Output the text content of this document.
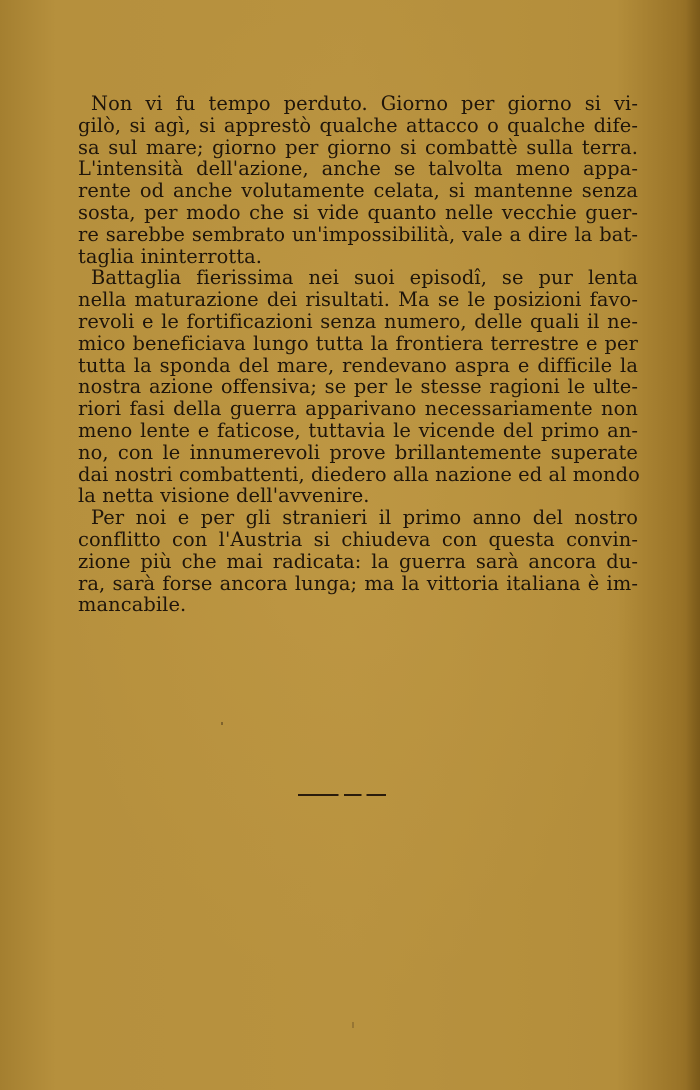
Non vi fu tempo perduto. Giorno per giorno si vi-
gilò, si agì, si apprestò qualche attacco o qualche dife-
sa sul mare; giorno per giorno si combattè sulla terra.
L'intensità dell'azione, anche se talvolta meno appa-
rente od anche volutamente celata, si mantenne senza
sosta, per modo che si vide quanto nelle vecchie guer-
re sarebbe sembrato un'impossibilità, vale a dire la bat-
taglia ininterrotta.
Battaglia fierissima nei suoi episodî, se pur lenta
nella maturazione dei risultati. Ma se le posizioni favo-
revoli e le fortificazioni senza numero, delle quali il ne-
mico beneficiava lungo tutta la frontiera terrestre e per
tutta la sponda del mare, rendevano aspra e difficile la
nostra azione offensiva; se per le stesse ragioni le ulte-
riori fasi della guerra apparivano necessariamente non
meno lente e faticose, tuttavia le vicende del primo an-
no, con le innumerevoli prove brillantemente superate
dai nostri combattenti, diedero alla nazione ed al mondo
la netta visione dell'avvenire.
Per noi e per gli stranieri il primo anno del nostro
conflitto con l'Austria si chiudeva con questa convin-
zione più che mai radicata: la guerra sarà ancora du-
ra, sarà forse ancora lunga; ma la vittoria italiana è im-
mancabile.
